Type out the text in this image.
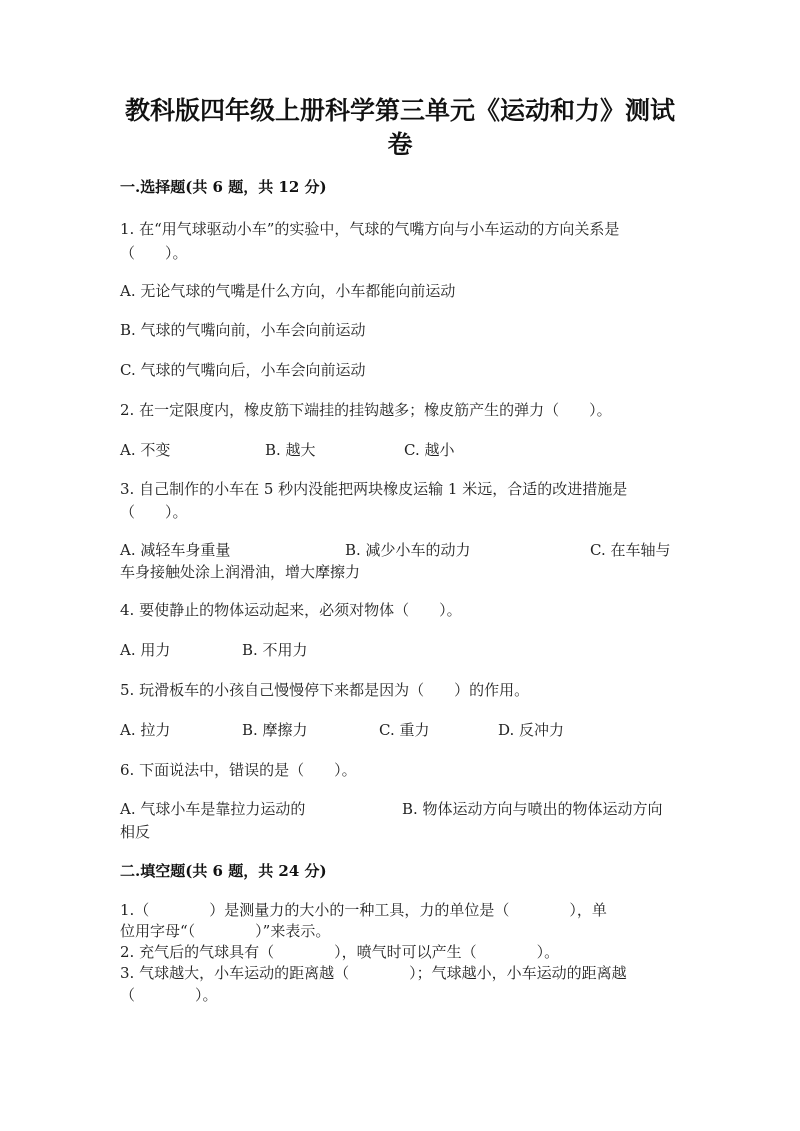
教科版四年级上册科学第三单元《运动和力》测试
卷
一.选择题(共 6 题，共 12 分)
1. 在“用气球驱动小车”的实验中，气球的气嘴方向与小车运动的方向关系是
（　　）。
A. 无论气球的气嘴是什么方向，小车都能向前运动
B. 气球的气嘴向前，小车会向前运动
C. 气球的气嘴向后，小车会向前运动
2. 在一定限度内，橡皮筋下端挂的挂钩越多；橡皮筋产生的弹力（　　）。
A. 不变	B. 越大	C. 越小
3. 自己制作的小车在 5 秒内没能把两块橡皮运输 1 米远，合适的改进措施是
（　　）。
A. 减轻车身重量	B. 减少小车的动力	C. 在车轴与
车身接触处涂上润滑油，增大摩擦力
4. 要使静止的物体运动起来，必须对物体（　　）。
A. 用力	B. 不用力
5. 玩滑板车的小孩自己慢慢停下来都是因为（　　）的作用。
A. 拉力	B. 摩擦力	C. 重力	D. 反冲力
6. 下面说法中，错误的是（　　）。
A. 气球小车是靠拉力运动的	B. 物体运动方向与喷出的物体运动方向
相反
二.填空题(共 6 题，共 24 分)
1.（　　　　）是测量力的大小的一种工具，力的单位是（　　　　），单
位用字母“（　　　　）”来表示。
2. 充气后的气球具有（　　　　），喷气时可以产生（　　　　）。
3. 气球越大，小车运动的距离越（　　　　）；气球越小，小车运动的距离越
（　　　　）。
